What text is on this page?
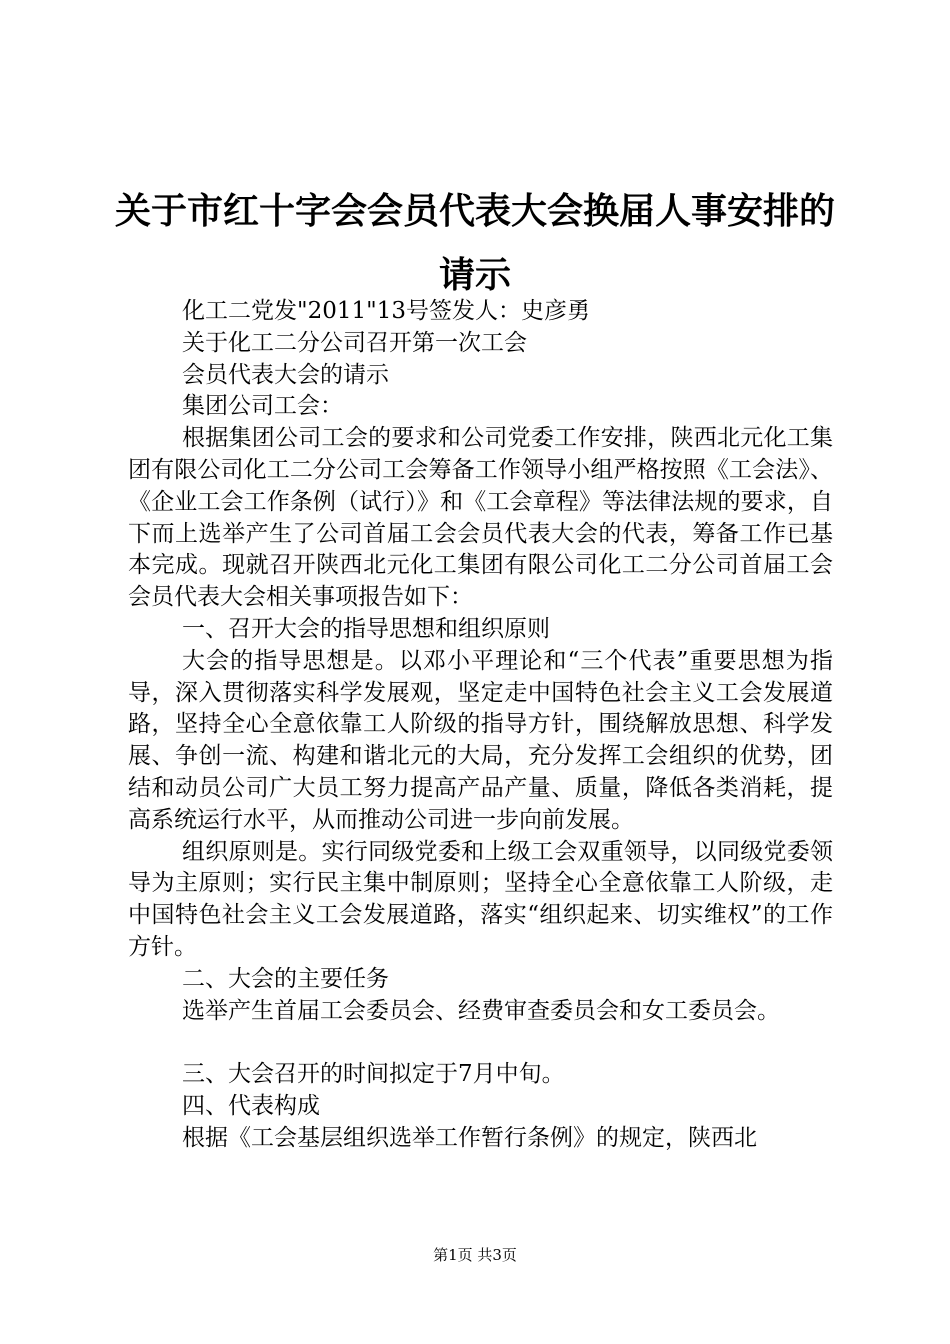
关于市红十字会会员代表大会换届人事安排的请示

化工二党发"2011"13号签发人：史彦勇

关于化工二分公司召开第一次工会

会员代表大会的请示

集团公司工会：

根据集团公司工会的要求和公司党委工作安排，陕西北元化工集团有限公司化工二分公司工会筹备工作领导小组严格按照《工会法》、《企业工会工作条例（试行）》和《工会章程》等法律法规的要求，自下而上选举产生了公司首届工会会员代表大会的代表，筹备工作已基本完成。现就召开陕西北元化工集团有限公司化工二分公司首届工会会员代表大会相关事项报告如下：

一、召开大会的指导思想和组织原则

大会的指导思想是。以邓小平理论和“三个代表”重要思想为指导，深入贯彻落实科学发展观，坚定走中国特色社会主义工会发展道路，坚持全心全意依靠工人阶级的指导方针，围绕解放思想、科学发展、争创一流、构建和谐北元的大局，充分发挥工会组织的优势，团结和动员公司广大员工努力提高产品产量、质量，降低各类消耗，提高系统运行水平，从而推动公司进一步向前发展。

组织原则是。实行同级党委和上级工会双重领导，以同级党委领导为主原则；实行民主集中制原则；坚持全心全意依靠工人阶级，走中国特色社会主义工会发展道路，落实“组织起来、切实维权”的工作方针。

二、大会的主要任务

选举产生首届工会委员会、经费审查委员会和女工委员会。

三、大会召开的时间拟定于7月中旬。

四、代表构成

根据《工会基层组织选举工作暂行条例》的规定，陕西北

第1页 共3页
